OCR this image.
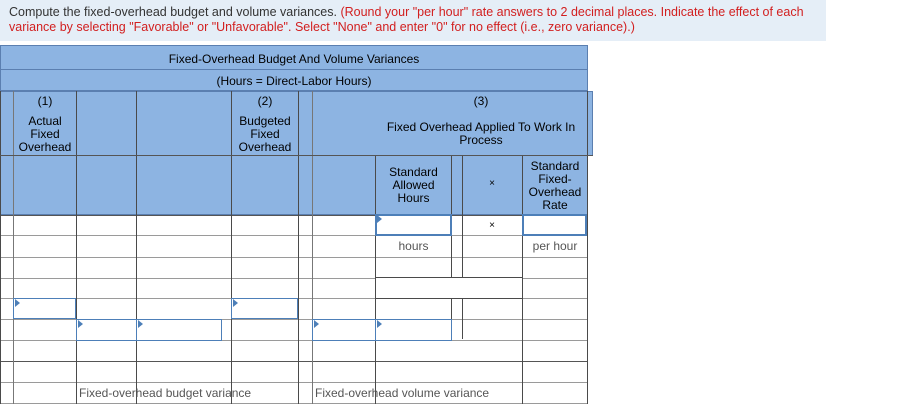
Compute the fixed-overhead budget and volume variances. (Round your "per hour" rate answers to 2 decimal places. Indicate the effect of each variance by selecting "Favorable" or "Unfavorable". Select "None" and enter "0" for no effect (i.e., zero variance).)
Fixed-Overhead Budget And Volume Variances
(Hours = Direct-Labor Hours)
(1)
Actual
Fixed
Overhead
(2)
Budgeted
Fixed
Overhead
(3)
Fixed Overhead Applied To Work In
Process
Standard
Allowed
Hours
×
Standard
Fixed-
Overhead
Rate
×
hours	per hour
Fixed-overhead budget variance	Fixed-overhead volume variance
